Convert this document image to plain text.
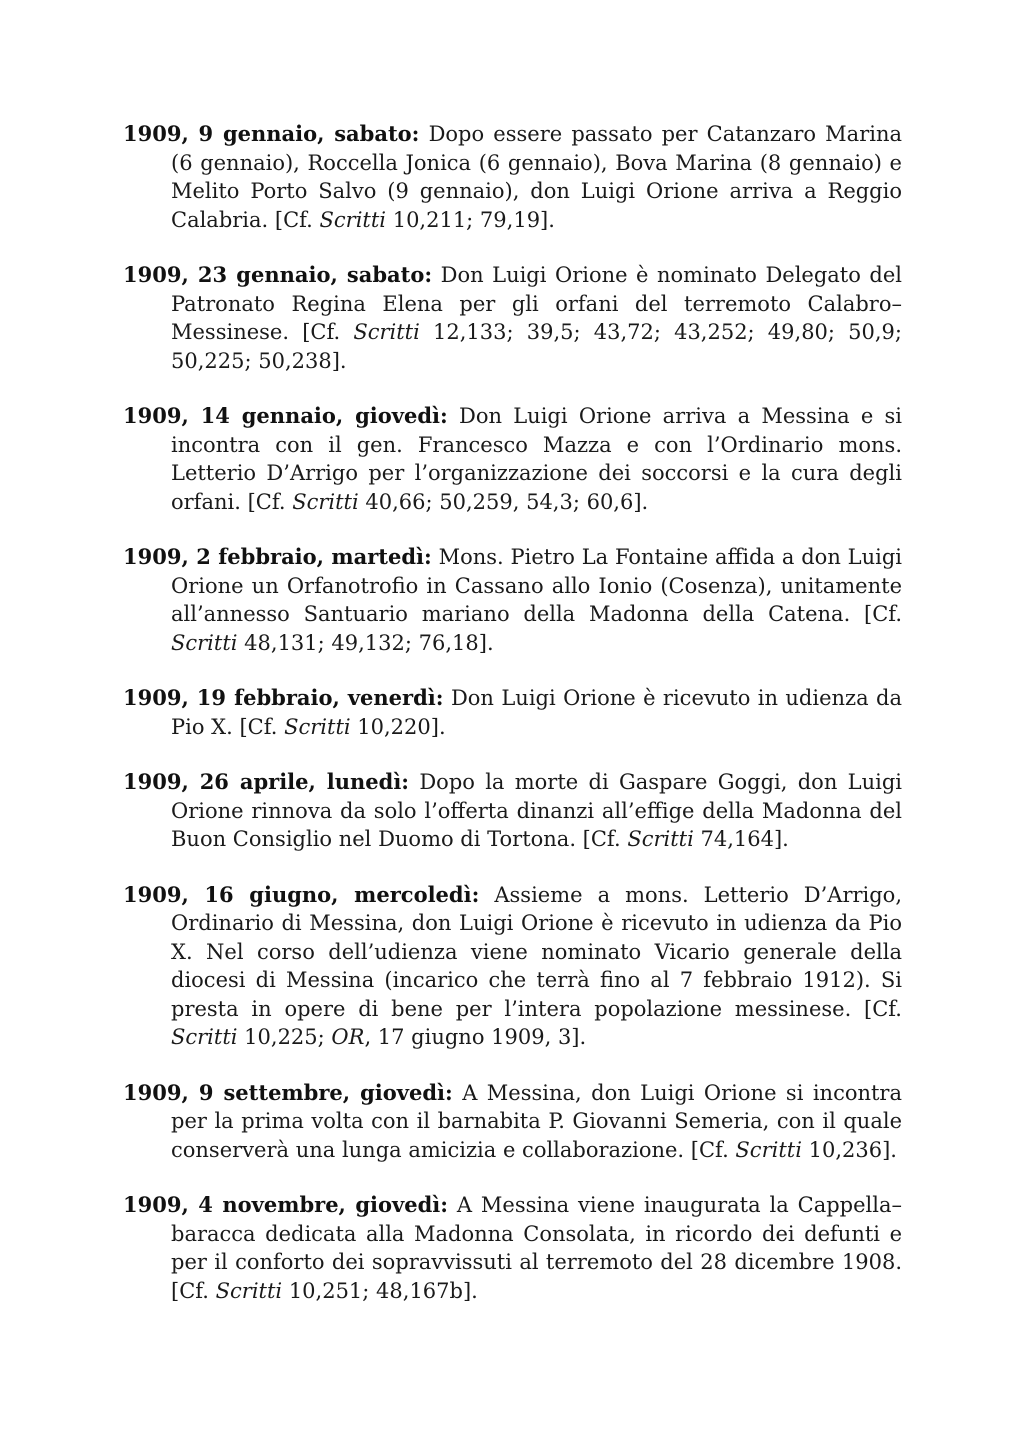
1909, 9 gennaio, sabato: Dopo essere passato per Catanzaro Marina (6 gennaio), Roccella Jonica (6 gennaio), Bova Marina (8 gennaio) e Melito Porto Salvo (9 gennaio), don Luigi Orione arriva a Reggio Calabria. [Cf. Scritti 10,211; 79,19].

1909, 23 gennaio, sabato: Don Luigi Orione è nominato Delegato del Patronato Regina Elena per gli orfani del terremoto Calabro–Messinese. [Cf. Scritti 12,133; 39,5; 43,72; 43,252; 49,80; 50,9; 50,225; 50,238].

1909, 14 gennaio, giovedì: Don Luigi Orione arriva a Messina e si incontra con il gen. Francesco Mazza e con l’Ordinario mons. Letterio D’Arrigo per l’organizzazione dei soccorsi e la cura degli orfani. [Cf. Scritti 40,66; 50,259, 54,3; 60,6].

1909, 2 febbraio, martedì: Mons. Pietro La Fontaine affida a don Luigi Orione un Orfanotrofio in Cassano allo Ionio (Cosenza), unitamente all’annesso Santuario mariano della Madonna della Catena. [Cf. Scritti 48,131; 49,132; 76,18].

1909, 19 febbraio, venerdì: Don Luigi Orione è ricevuto in udienza da Pio X. [Cf. Scritti 10,220].

1909, 26 aprile, lunedì: Dopo la morte di Gaspare Goggi, don Luigi Orione rinnova da solo l’offerta dinanzi all’effige della Madonna del Buon Consiglio nel Duomo di Tortona. [Cf. Scritti 74,164].

1909, 16 giugno, mercoledì: Assieme a mons. Letterio D’Arrigo, Ordinario di Messina, don Luigi Orione è ricevuto in udienza da Pio X. Nel corso dell’udienza viene nominato Vicario generale della diocesi di Messina (incarico che terrà fino al 7 febbraio 1912). Si presta in opere di bene per l’intera popolazione messinese. [Cf. Scritti 10,225; OR, 17 giugno 1909, 3].

1909, 9 settembre, giovedì: A Messina, don Luigi Orione si incontra per la prima volta con il barnabita P. Giovanni Semeria, con il quale conserverà una lunga amicizia e collaborazione. [Cf. Scritti 10,236].

1909, 4 novembre, giovedì: A Messina viene inaugurata la Cappella–baracca dedicata alla Madonna Consolata, in ricordo dei defunti e per il conforto dei sopravvissuti al terremoto del 28 dicembre 1908. [Cf. Scritti 10,251; 48,167b].
